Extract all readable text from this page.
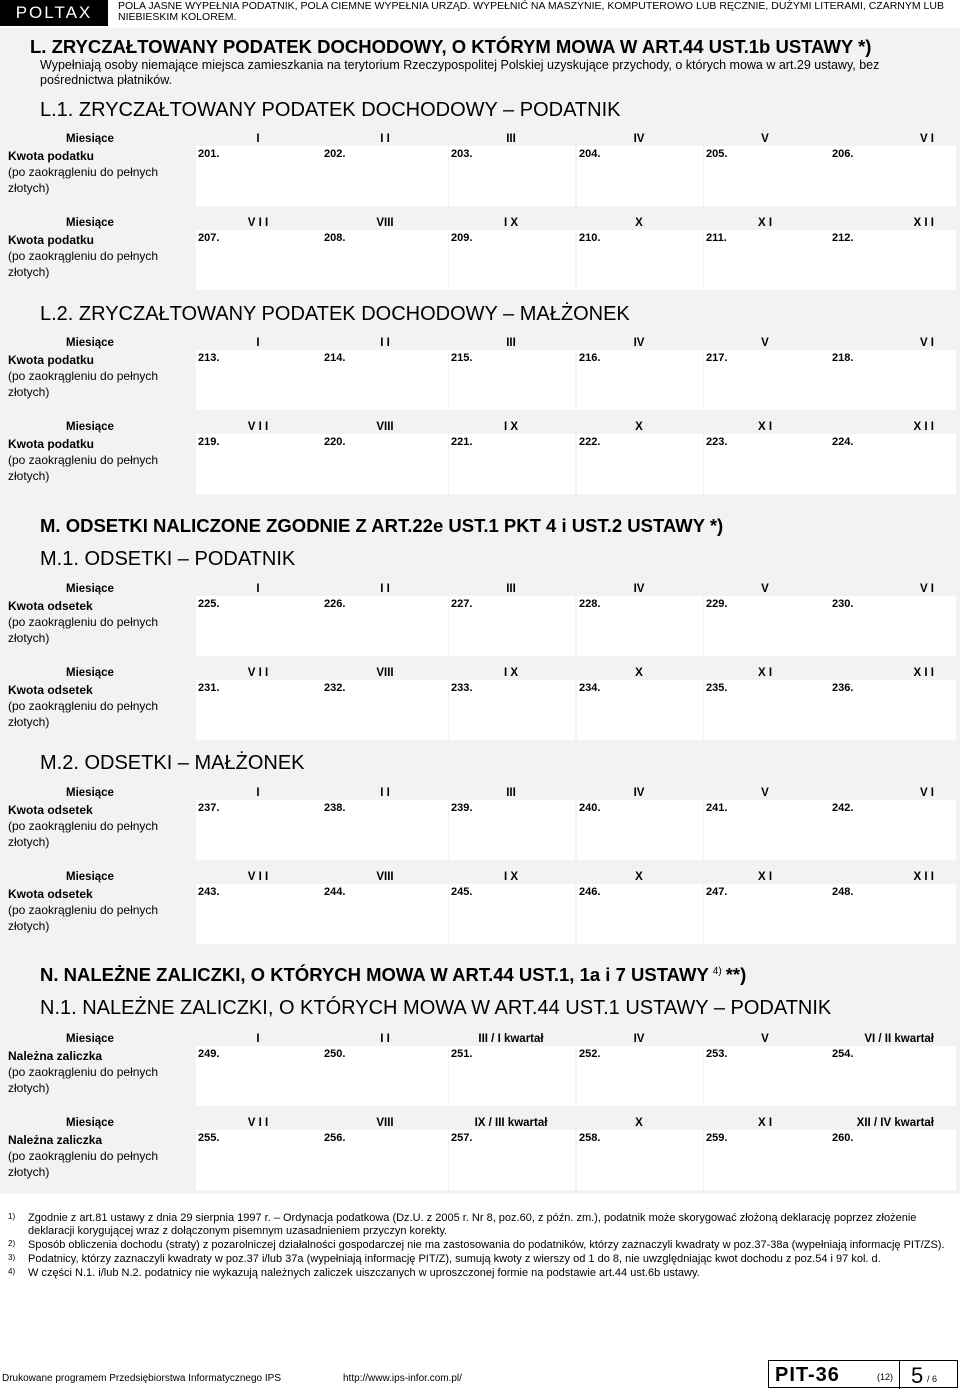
POLTAX	POLA JASNE WYPEŁNIA PODATNIK, POLA CIEMNE WYPEŁNIA URZĄD. WYPEŁNIĆ NA MASZYNIE, KOMPUTEROWO LUB RĘCZNIE, DUŻYMI LITERAMI, CZARNYM LUB NIEBIESKIM KOLOREM.
L. ZRYCZAŁTOWANY PODATEK DOCHODOWY, O KTÓRYM MOWA W ART.44 UST.1b USTAWY *)
Wypełniają osoby niemające miejsca zamieszkania na terytorium Rzeczypospolitej Polskiej uzyskujące przychody, o których mowa w art.29 ustawy, bez pośrednictwa płatników.
L.1. ZRYCZAŁTOWANY PODATEK DOCHODOWY – PODATNIK
Miesiące	I	I I	III	IV	V	V I
Kwota podatku
(po zaokrągleniu do pełnych złotych)
201.	202.	203.	204.	205.	206.
Miesiące	V I I	VIII	I X	X	X I	X I I
Kwota podatku
(po zaokrągleniu do pełnych złotych)
207.	208.	209.	210.	211.	212.
L.2. ZRYCZAŁTOWANY PODATEK DOCHODOWY – MAŁŻONEK
Miesiące	I	I I	III	IV	V	V I
Kwota podatku
(po zaokrągleniu do pełnych złotych)
213.	214.	215.	216.	217.	218.
Miesiące	V I I	VIII	I X	X	X I	X I I
Kwota podatku
(po zaokrągleniu do pełnych złotych)
219.	220.	221.	222.	223.	224.
M. ODSETKI NALICZONE ZGODNIE Z ART.22e UST.1 PKT 4 i UST.2 USTAWY *)
M.1. ODSETKI – PODATNIK
Miesiące	I	I I	III	IV	V	V I
Kwota odsetek
(po zaokrągleniu do pełnych złotych)
225.	226.	227.	228.	229.	230.
Miesiące	V I I	VIII	I X	X	X I	X I I
Kwota odsetek
(po zaokrągleniu do pełnych złotych)
231.	232.	233.	234.	235.	236.
M.2. ODSETKI – MAŁŻONEK
Miesiące	I	I I	III	IV	V	V I
Kwota odsetek
(po zaokrągleniu do pełnych złotych)
237.	238.	239.	240.	241.	242.
Miesiące	V I I	VIII	I X	X	X I	X I I
Kwota odsetek
(po zaokrągleniu do pełnych złotych)
243.	244.	245.	246.	247.	248.
N. NALEŻNE ZALICZKI, O KTÓRYCH MOWA W ART.44 UST.1, 1a i 7 USTAWY $^{4)}$ **)
N.1. NALEŻNE ZALICZKI, O KTÓRYCH MOWA W ART.44 UST.1 USTAWY – PODATNIK
Miesiące	I	I I	III / I kwartał	IV	V	VI / II kwartał
Należna zaliczka
(po zaokrągleniu do pełnych złotych)
249.	250.	251.	252.	253.	254.
Miesiące	V I I	VIII	IX / III kwartał	X	X I	XII / IV kwartał
Należna zaliczka
(po zaokrągleniu do pełnych złotych)
255.	256.	257.	258.	259.	260.
1) Zgodnie z art.81 ustawy z dnia 29 sierpnia 1997 r. – Ordynacja podatkowa (Dz.U. z 2005 r. Nr 8, poz.60, z późn. zm.), podatnik może skorygować złożoną deklarację poprzez złożenie deklaracji korygującej wraz z dołączonym pisemnym uzasadnieniem przyczyn korekty.
2) Sposób obliczenia dochodu (straty) z pozarolniczej działalności gospodarczej nie ma zastosowania do podatników, którzy zaznaczyli kwadraty w poz.37-38a (wypełniają informację PIT/ZS).
3) Podatnicy, którzy zaznaczyli kwadraty w poz.37 i/lub 37a (wypełniają informację PIT/Z), sumują kwoty z wierszy od 1 do 8, nie uwzględniając kwot dochodu z poz.54 i 97 kol. d.
4) W części N.1. i/lub N.2. podatnicy nie wykazują należnych zaliczek uiszczanych w uproszczonej formie na podstawie art.44 ust.6b ustawy.
Drukowane programem Przedsiębiorstwa Informatycznego IPS	http://www.ips-infor.com.pl/	PIT-36	(12) 5 / 6
